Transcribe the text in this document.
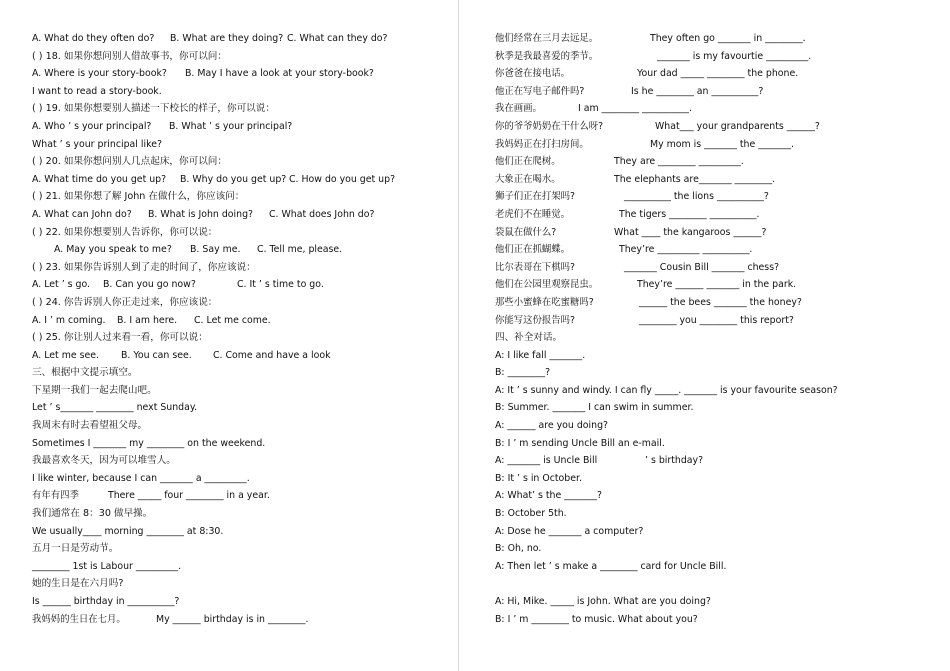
A. What do they often do? B. What are they doing? C. What can they do?
( ) 18. 如果你想问别人借故事书，你可以问：
A. Where is your story-book? B. May I have a look at your story-book?
I want to read a story-book.
( ) 19. 如果你想要别人描述一下校长的样子，你可以说：
A. Who ’ s your principal? B. What ’ s your principal?
What ’ s your principal like?
( ) 20. 如果你想问别人几点起床，你可以问：
A. What time do you get up? B. Why do you get up? C. How do you get up?
( ) 21. 如果你想了解 John 在做什么，你应该问：
A. What can John do? B. What is John doing? C. What does John do?
( ) 22. 如果你想要别人告诉你，你可以说：
A. May you speak to me? B. Say me. C. Tell me, please.
( ) 23. 如果你告诉别人到了走的时间了，你应该说：
A. Let ’ s go. B. Can you go now?	C. It ’ s time to go.
( ) 24. 你告诉别人你正走过来，你应该说：
A. I ’ m coming. B. I am here. C. Let me come.
( ) 25. 你让别人过来看一看，你可以说：
A. Let me see. B. You can see. C. Come and have a look
三、根据中文提示填空。
下星期一我们一起去爬山吧。
Let ’ s_______ ________ next Sunday.
我周末有时去看望祖父母。
Sometimes I _______ my ________ on the weekend.
我最喜欢冬天，因为可以堆雪人。
I like winter, because I can _______ a _________.
有年有四季	There _____ four ________ in a year.
我们通常在 8：30 做早操。
We usually____ morning ________ at 8:30.
五月一日是劳动节。
________ 1st is Labour _________.
她的生日是在六月吗?
Is ______ birthday in __________?
我妈妈的生日在七月。	My ______ birthday is in ________.
他们经常在三月去远足。	They often go _______ in ________.
秋季是我最喜爱的季节。	_______ is my favourtie _________.
你爸爸在接电话。	Your dad _____ ________ the phone.
他正在写电子邮件吗?	Is he ________ an __________?
我在画画。	I am ________ __________.
你的爷爷奶奶在干什么呀?	What___ your grandparents ______?
我妈妈正在打扫房间。	My mom is _______ the _______.
他们正在爬树。	They are ________ _________.
大象正在喝水。	The elephants are_______ ________.
狮子们正在打架吗?	__________ the lions __________?
老虎们不在睡觉。	The tigers ________ __________.
袋鼠在做什么?	What ____ the kangaroos ______?
他们正在抓蝴蝶。	They’re _________ __________.
比尔表哥在下棋吗?	_______ Cousin Bill _______ chess?
他们在公园里观察昆虫。	They’re ______ _______ in the park.
那些小蜜蜂在吃蜜糖吗?	______ the bees _______ the honey?
你能写这份报告吗?	________ you ________ this report?
四、补全对话。
A: I like fall _______.
B: ________?
A: It ’ s sunny and windy. I can fly _____. _______ is your favourite season?
B: Summer. _______ I can swim in summer.
A: ______ are you doing?
B: I ’ m sending Uncle Bill an e-mail.
A: _______ is Uncle Bill	’ s birthday?
B: It ’ s in October.
A: What’ s the _______?
B: October 5th.
A: Dose he _______ a computer?
B: Oh, no.
A: Then let ’ s make a ________ card for Uncle Bill.
A: Hi, Mike. _____ is John. What are you doing?
B: I ’ m ________ to music. What about you?
